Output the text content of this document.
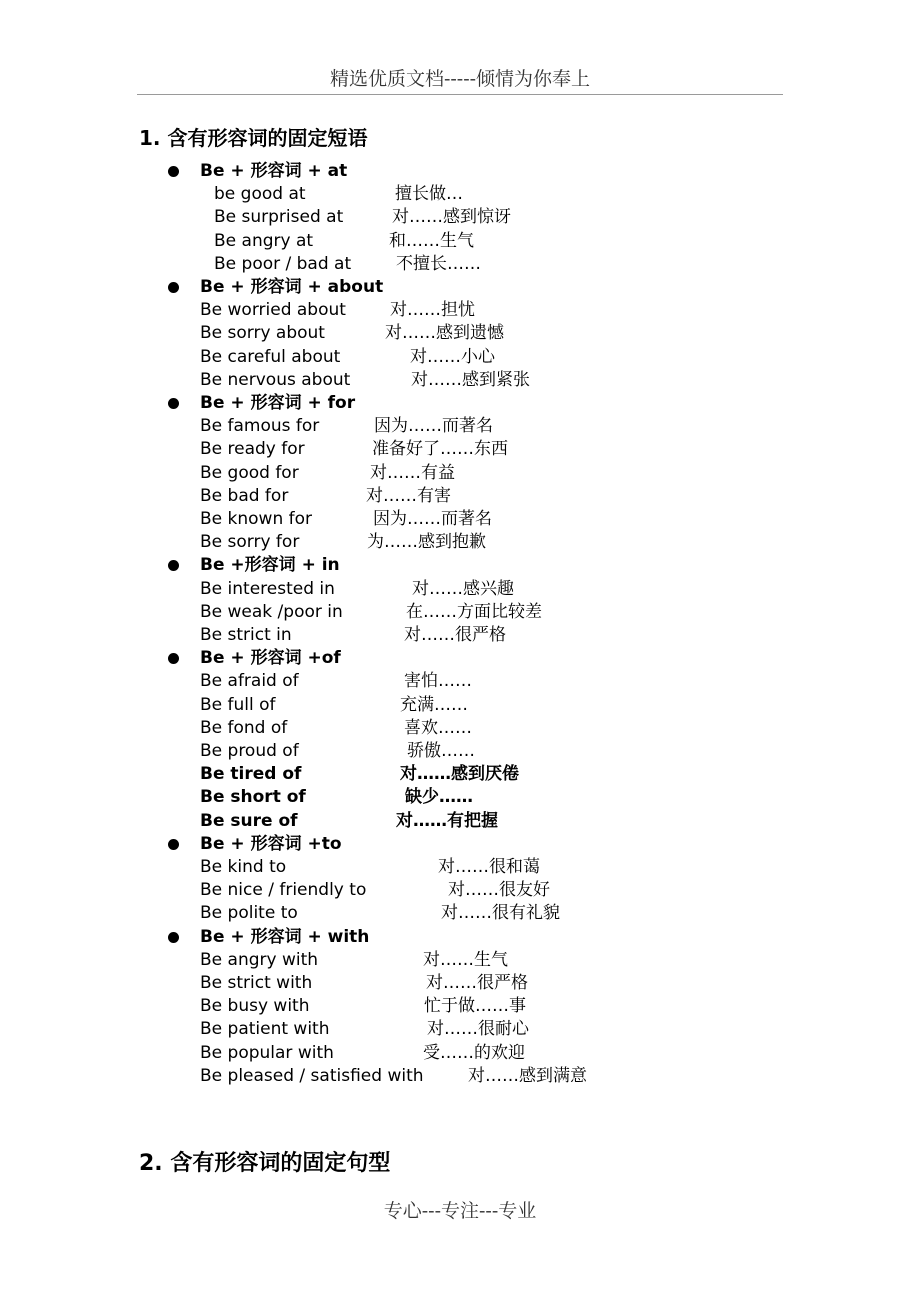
精选优质文档-----倾情为你奉上
1. 含有形容词的固定短语
Be + 形容词 + at
be good at	擅长做…
Be surprised at	对……感到惊讶
Be angry at	和……生气
Be poor / bad at	不擅长……
Be + 形容词 + about
Be worried about	对……担忧
Be sorry about	对……感到遗憾
Be careful about	对……小心
Be nervous about	对……感到紧张
Be + 形容词 + for
Be famous for	因为……而著名
Be ready for	准备好了……东西
Be good for	对……有益
Be bad for	对……有害
Be known for	因为……而著名
Be sorry for	为……感到抱歉
Be +形容词 + in
Be interested in	对……感兴趣
Be weak /poor in	在……方面比较差
Be strict in	对……很严格
Be + 形容词 +of
Be afraid of	害怕……
Be full of	充满……
Be fond of	喜欢……
Be proud of	骄傲……
Be tired of	对……感到厌倦
Be short of	缺少……
Be sure of	对……有把握
Be + 形容词 +to
Be kind to	对……很和蔼
Be nice / friendly to	对……很友好
Be polite to	对……很有礼貌
Be + 形容词 + with
Be angry with	对……生气
Be strict with	对……很严格
Be busy with	忙于做……事
Be patient with	对……很耐心
Be popular with	受……的欢迎
Be pleased / satisfied with	对……感到满意
2. 含有形容词的固定句型
专心---专注---专业
